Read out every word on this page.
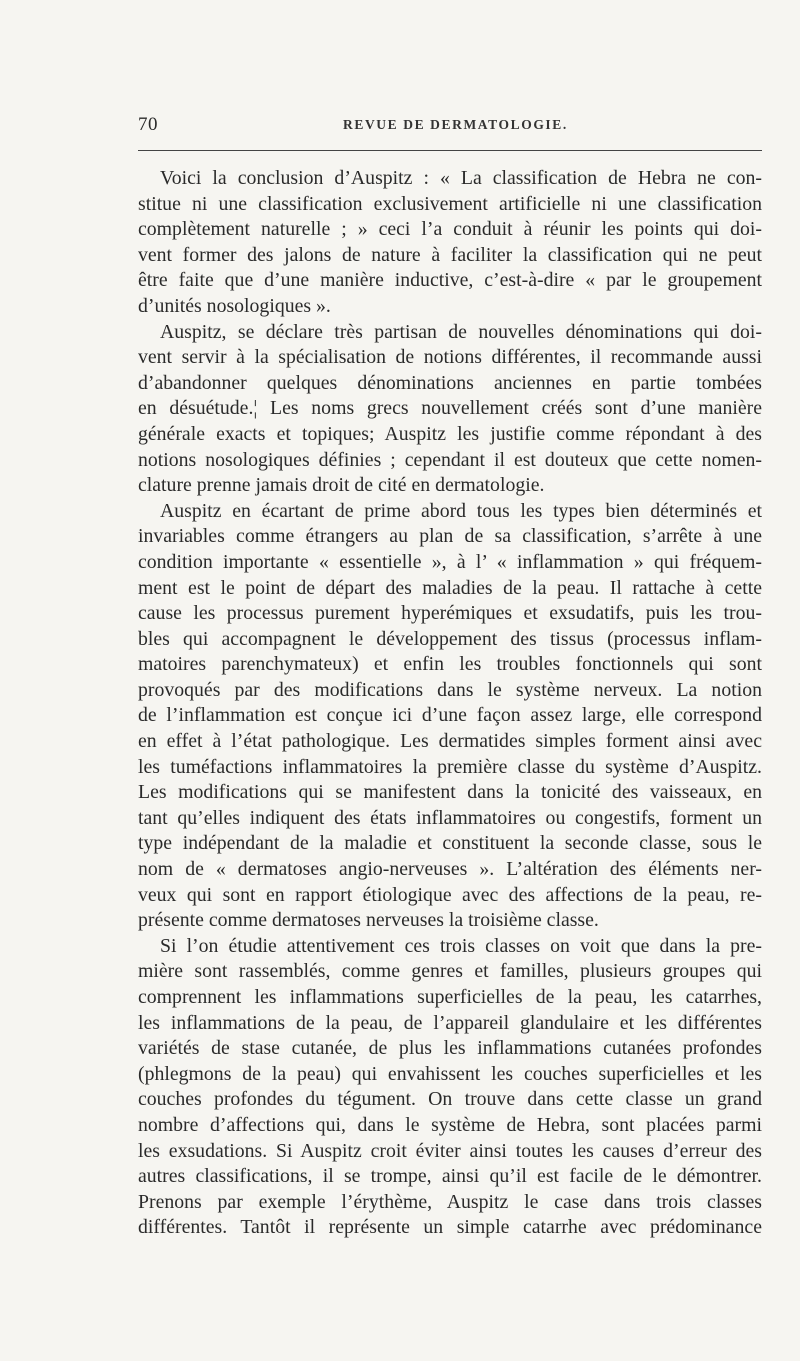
70	REVUE DE DERMATOLOGIE.
Voici la conclusion d’Auspitz : « La classification de Hebra ne con-
stitue ni une classification exclusivement artificielle ni une classification
complètement naturelle ; » ceci l’a conduit à réunir les points qui doi-
vent former des jalons de nature à faciliter la classification qui ne peut
être faite que d’une manière inductive, c’est-à-dire « par le groupement
d’unités nosologiques ».
Auspitz, se déclare très partisan de nouvelles dénominations qui doi-
vent servir à la spécialisation de notions différentes, il recommande aussi
d’abandonner quelques dénominations anciennes en partie tombées
en désuétude.¦ Les noms grecs nouvellement créés sont d’une manière
générale exacts et topiques; Auspitz les justifie comme répondant à des
notions nosologiques définies ; cependant il est douteux que cette nomen-
clature prenne jamais droit de cité en dermatologie.
Auspitz en écartant de prime abord tous les types bien déterminés et
invariables comme étrangers au plan de sa classification, s’arrête à une
condition importante « essentielle », à l’ « inflammation » qui fréquem-
ment est le point de départ des maladies de la peau. Il rattache à cette
cause les processus purement hyperémiques et exsudatifs, puis les trou-
bles qui accompagnent le développement des tissus (processus inflam-
matoires parenchymateux) et enfin les troubles fonctionnels qui sont
provoqués par des modifications dans le système nerveux. La notion
de l’inflammation est conçue ici d’une façon assez large, elle correspond
en effet à l’état pathologique. Les dermatides simples forment ainsi avec
les tuméfactions inflammatoires la première classe du système d’Auspitz.
Les modifications qui se manifestent dans la tonicité des vaisseaux, en
tant qu’elles indiquent des états inflammatoires ou congestifs, forment un
type indépendant de la maladie et constituent la seconde classe, sous le
nom de « dermatoses angio-nerveuses ». L’altération des éléments ner-
veux qui sont en rapport étiologique avec des affections de la peau, re-
présente comme dermatoses nerveuses la troisième classe.
Si l’on étudie attentivement ces trois classes on voit que dans la pre-
mière sont rassemblés, comme genres et familles, plusieurs groupes qui
comprennent les inflammations superficielles de la peau, les catarrhes,
les inflammations de la peau, de l’appareil glandulaire et les différentes
variétés de stase cutanée, de plus les inflammations cutanées profondes
(phlegmons de la peau) qui envahissent les couches superficielles et les
couches profondes du tégument. On trouve dans cette classe un grand
nombre d’affections qui, dans le système de Hebra, sont placées parmi
les exsudations. Si Auspitz croit éviter ainsi toutes les causes d’erreur des
autres classifications, il se trompe, ainsi qu’il est facile de le démontrer.
Prenons par exemple l’érythème, Auspitz le case dans trois classes
différentes. Tantôt il représente un simple catarrhe avec prédominance
